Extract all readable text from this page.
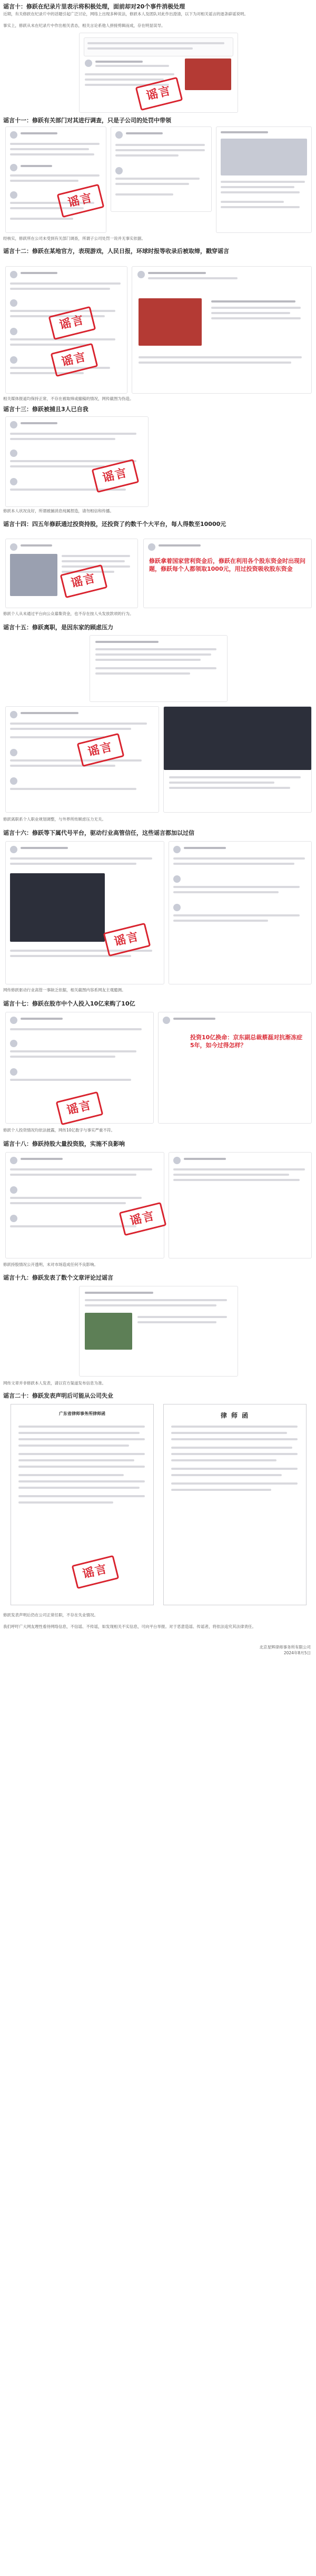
谣言十：修跃在纪录片里表示将积极处理，面前却对20个事件消极处理
近期，有关修跃在纪录片中的话题引起广泛讨论，网络上出现多种说法，修跃本人及团队对此作出澄清，以下为对相关谣言的逐条辟谣说明。
事实上，修跃从未在纪录片中作出相关表态，相关言论系他人拼接剪辑而成，存在明显误导。
谣言
谣言十一：修跃有关部门对其进行调查，只是子公司的处罚中带领
谣言
经核实，修跃所在公司未受到有关部门调查，所谓子公司处罚一说并无事实依据。
谣言十二：修跃在某地官方，表现游戏，人民日报，环球时报等收录后被取缔，戳穿谣言
谣言
谣言
相关媒体报道均保持正常，不存在被取缔或撤稿的情况，网传截图为伪造。
谣言十三：修跃被捕且3人已自我
谣言
修跃本人状况良好，所谓被捕消息纯属捏造，请勿相信和传播。
谣言十四：四五年修跃通过投资持股，还投资了约数千个大平台，每人得数至10000元
谣言
修跃拿着国家营利资金后，修跃在利用各个股东资金时出现问题，修跃每个人都领取1000元，用过投资吸收股东资金
修跃个人从未通过平台向公众募集资金，也不存在按人头发放款项的行为。
谣言十五：修跃离职，是因东家的顾虑压力
谣言
修跃离职系个人职业规划调整，与外界所传顾虑压力无关。
谣言十六：修跃等下属代号平台，驱动行业高管信任，这些谣言都加以过信
谣言
网传修跃驱动行业高管一事缺乏依据，相关截图内容系网友主观臆测。
谣言十七：修跃在股市中个人投入10亿来购了10亿
谣言
投资10亿换命：京东副总裁蔡磊对抗渐冻症5年，如今过得怎样？
修跃个人投资情况均依法披露，网传10亿数字与事实严重不符。
谣言十八：修跃持股大量投资股，实施不良影响
谣言
修跃持股情况公开透明，未对市场造成任何不良影响。
谣言十九：修跃发表了数个文章评论过谣言
网传文章并非修跃本人发表，请以官方渠道发布信息为准。
谣言二十：修跃发表声明后可能从公司失业
广东省律师事务所律师函
谣言
律 师 函
修跃发表声明后仍在公司正常任职，不存在失业情况。
我们呼吁广大网友理性看待网络信息，不信谣、不传谣，如发现相关不实信息，可向平台举报。对于恶意造谣、传谣者，将依法追究其法律责任。
北京星辉律师事务所有限公司
2024年8月5日
